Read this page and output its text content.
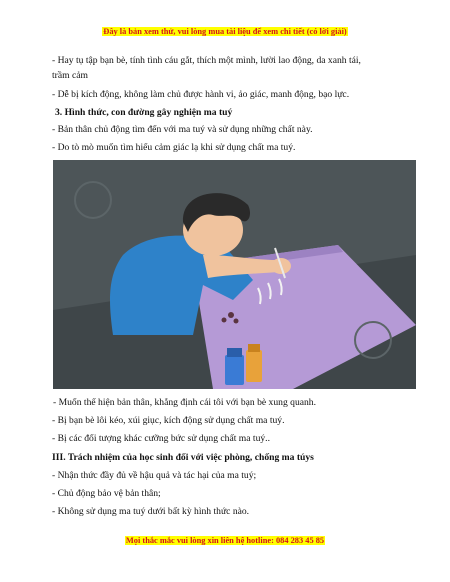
Đây là bản xem thử, vui lòng mua tài liệu để xem chi tiết (có lời giải)
- Hay tụ tập bạn bè, tính tình cáu gắt, thích một mình, lười lao động, da xanh tái,
trầm cảm
- Dễ bị kích động, không làm chủ được hành vi, ảo giác, manh động, bạo lực.
3. Hình thức, con đường gây nghiện ma tuý
- Bản thân chủ động tìm đến với ma tuý và sử dụng những chất này.
- Do tò mò muốn tìm hiểu cảm giác lạ khi sử dụng chất ma tuý.
- Muốn thể hiện bản thân, khẳng định cái tôi với bạn bè xung quanh.
- Bị bạn bè lôi kéo, xúi giục, kích động sử dụng chất ma tuý.
- Bị các đối tượng khác cưỡng bức sử dụng chất ma tuý..
III. Trách nhiệm của học sinh đối với việc phòng, chống ma túys
- Nhận thức đầy đủ về hậu quả và tác hại của ma tuý;
- Chủ động bảo vệ bản thân;
- Không sử dụng ma tuý dưới bất kỳ hình thức nào.
Mọi thắc mắc vui lòng xin liên hệ hotline: 084 283 45 85
